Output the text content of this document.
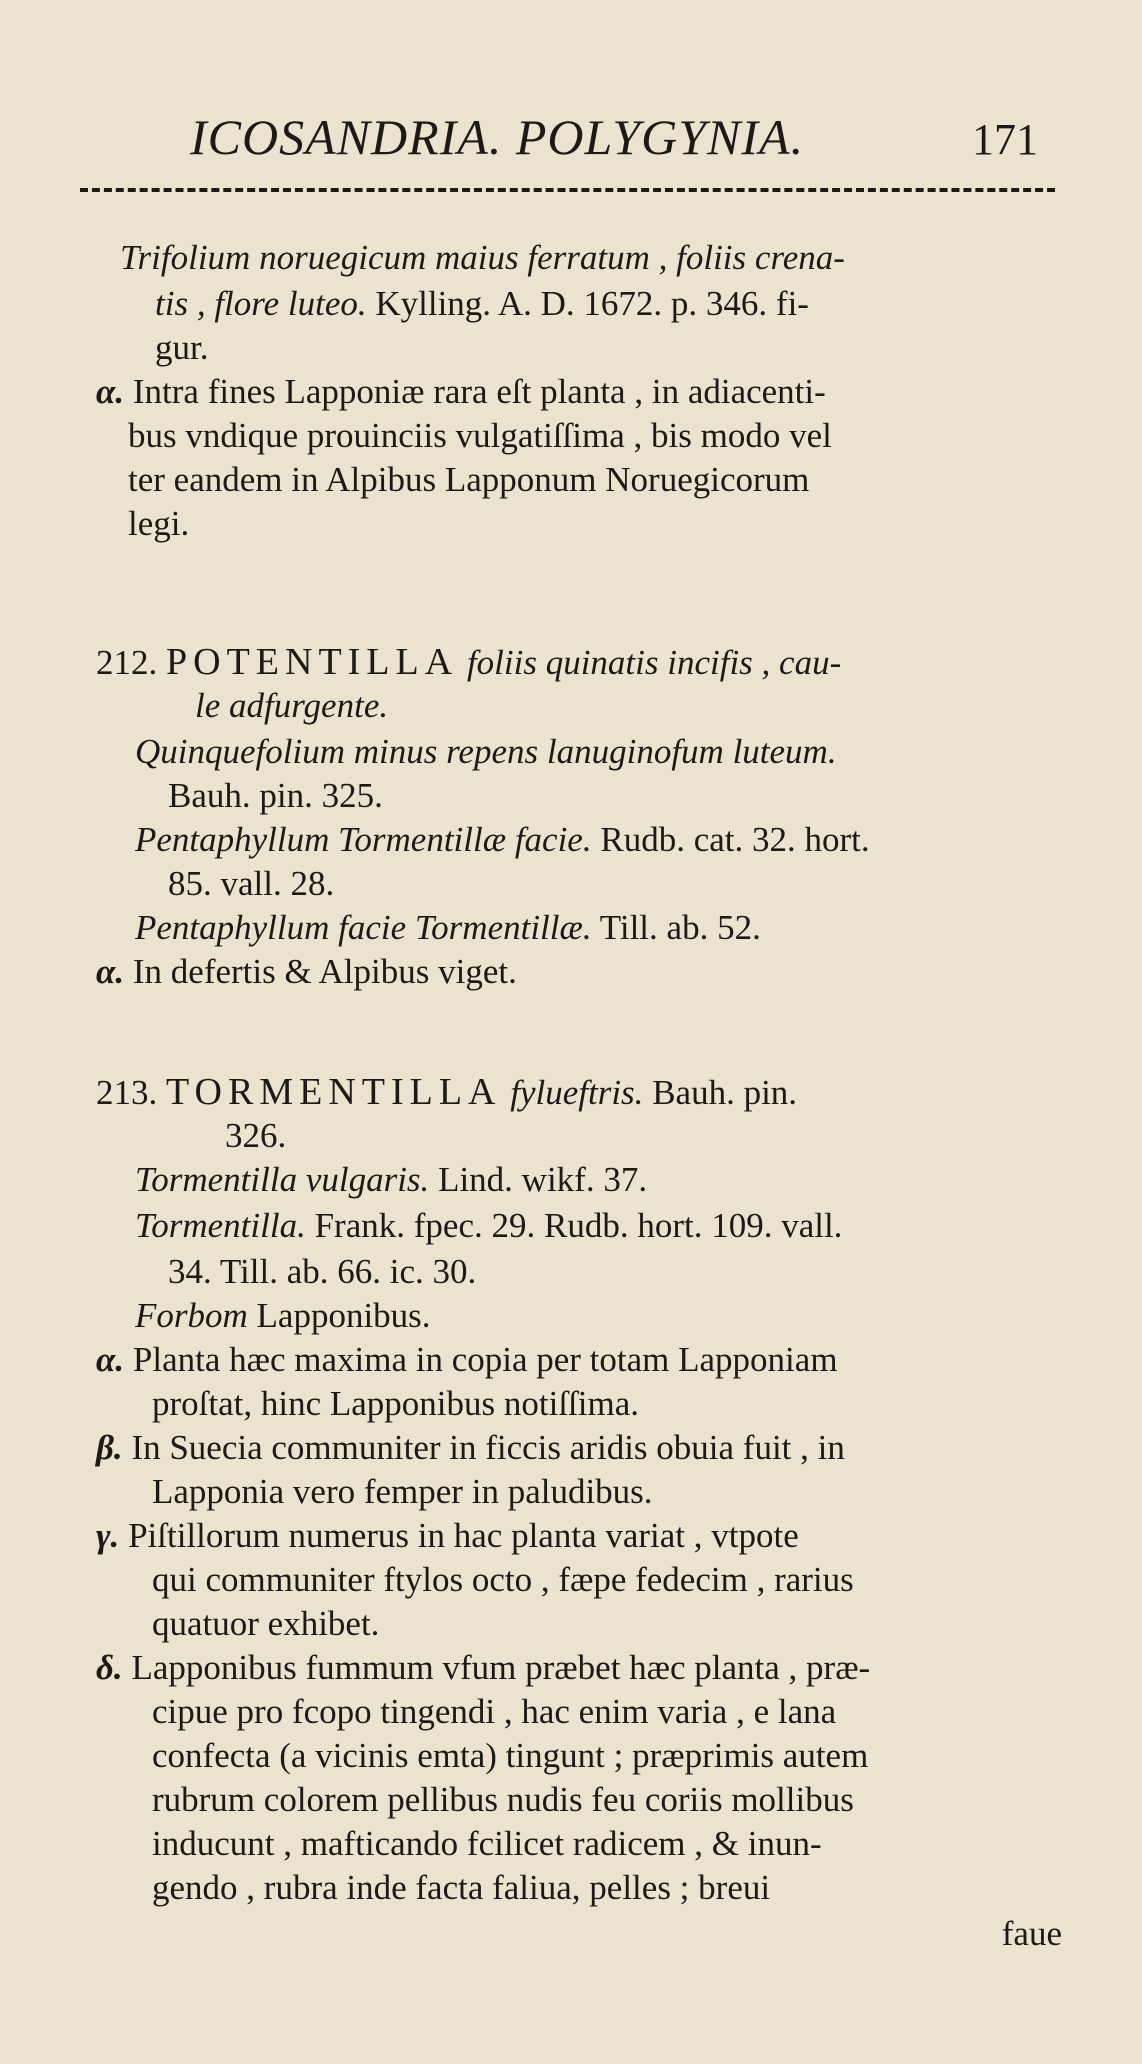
ICOSANDRIA. POLYGYNIA.	171
Trifolium noruegicum maius ferratum , foliis crena-
tis , flore luteo. Kylling. A. D. 1672. p. 346. fi-
gur.
α. Intra fines Lapponiæ rara eſt planta , in adiacenti-
bus vndique prouinciis vulgatiſſima , bis modo vel
ter eandem in Alpibus Lapponum Noruegicorum
legi.
212. POTENTILLA foliis quinatis incifis , cau-
le adfurgente.
Quinquefolium minus repens lanuginofum luteum.
Bauh. pin. 325.
Pentaphyllum Tormentillæ facie. Rudb. cat. 32. hort.
85. vall. 28.
Pentaphyllum facie Tormentillæ. Till. ab. 52.
α. In defertis & Alpibus viget.
213. TORMENTILLA fylueftris. Bauh. pin.
326.
Tormentilla vulgaris. Lind. wikf. 37.
Tormentilla. Frank. fpec. 29. Rudb. hort. 109. vall.
34. Till. ab. 66. ic. 30.
Forbom Lapponibus.
α. Planta hæc maxima in copia per totam Lapponiam
proſtat, hinc Lapponibus notiſſima.
β. In Suecia communiter in ficcis aridis obuia fuit , in
Lapponia vero femper in paludibus.
γ. Piſtillorum numerus in hac planta variat , vtpote
qui communiter ftylos octo , fæpe fedecim , rarius
quatuor exhibet.
δ. Lapponibus fummum vfum præbet hæc planta , præ-
cipue pro fcopo tingendi , hac enim varia , e lana
confecta (a vicinis emta) tingunt ; præprimis autem
rubrum colorem pellibus nudis feu coriis mollibus
inducunt , mafticando fcilicet radicem , & inun-
gendo , rubra inde facta faliua, pelles ; breui
faue
